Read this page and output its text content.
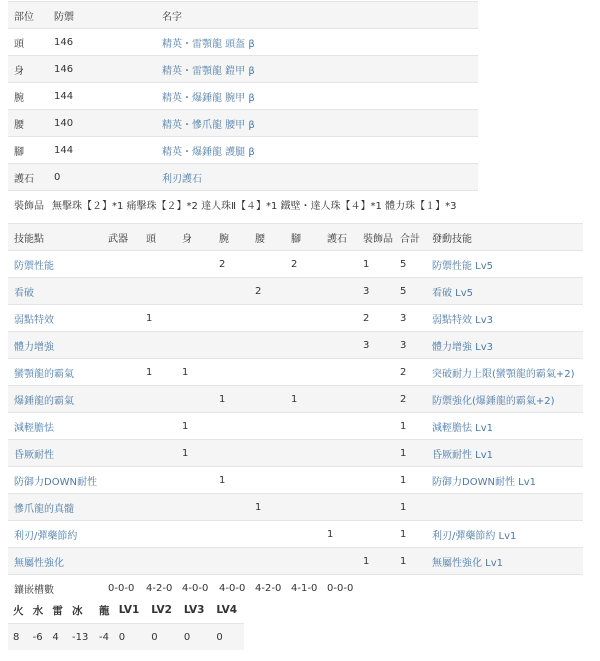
部位	防禦	名字
頭	146	精英・雷顎龍 頭盔 β
身	146	精英・雷顎龍 鎧甲 β
腕	144	精英・爆錘龍 腕甲 β
腰	140	精英・慘爪龍 腰甲 β
腳	144	精英・爆錘龍 護腿 β
護石	0	利刃護石
裝飾品	無擊珠【２】*1 痛擊珠【２】*2 達人珠Ⅱ【４】*1 鐵壁・達人珠【４】*1 體力珠【１】*3	
技能點	武器	頭	身	腕	腰	腳	護石	裝飾品	合計	發動技能
防禦性能				2		2		1	5	防禦性能 Lv5
看破					2			3	5	看破 Lv5
弱點特效		1						2	3	弱點特效 Lv3
體力增強								3	3	體力增強 Lv3
蠻顎龍的霸氣		1	1						2	突破耐力上限(蠻顎龍的霸氣+2)
爆錘龍的霸氣				1		1			2	防禦強化(爆錘龍的霸氣+2)
減輕膽怯			1						1	減輕膽怯 Lv1
昏厥耐性			1						1	昏厥耐性 Lv1
防御力DOWN耐性				1					1	防御力DOWN耐性 Lv1
慘爪龍的真髓					1				1	
利刃/彈藥節約							1		1	利刃/彈藥節約 Lv1
無屬性強化								1	1	無屬性強化 Lv1
鑲嵌槽數	0-0-0	4-2-0	4-0-0	4-0-0	4-2-0	4-1-0	0-0-0			
火	水	雷	冰	龍	LV1	LV2	LV3	LV4
8	-6	4	-13	-4	0	0	0	0
